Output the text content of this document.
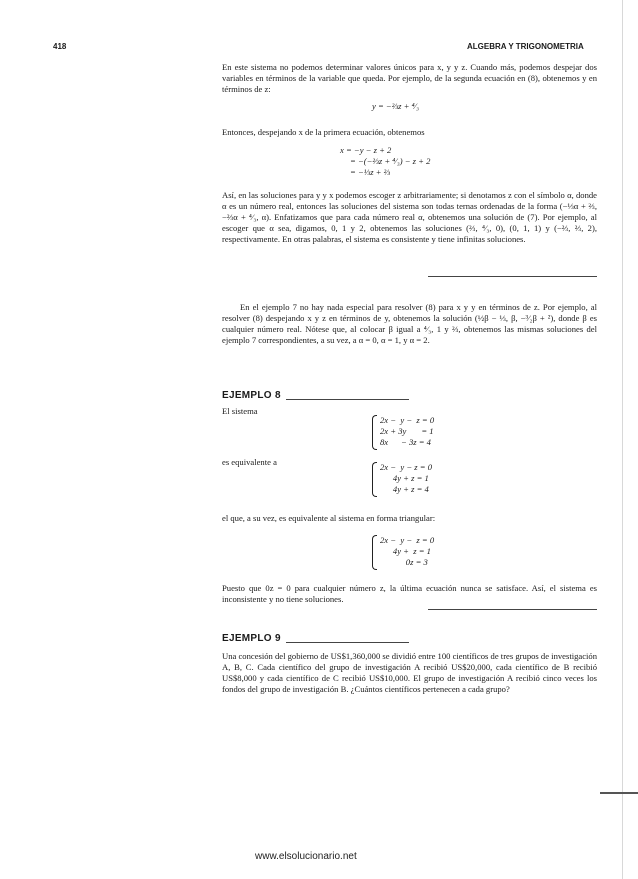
418	ALGEBRA Y TRIGONOMETRIA

En este sistema no podemos determinar valores únicos para x, y y z. Cuando más, podemos despejar dos variables en términos de la variable que queda. Por ejemplo, de la segunda ecuación en (8), obtenemos y en términos de z:

y = −⅔z + ⁴⁄₃

Entonces, despejando x de la primera ecuación, obtenemos

x = −y − z + 2
= −(−⅔z + ⁴⁄₃) − z + 2
= −⅓z + ⅔

Así, en las soluciones para y y x podemos escoger z arbitrariamente; si denotamos z con el símbolo α, donde α es un número real, entonces las soluciones del sistema son todas ternas ordenadas de la forma (−⅓α + ⅔, −⅔α + ⁴⁄₃, α). Enfatizamos que para cada número real α, obtenemos una solución de (7). Por ejemplo, al escoger que α sea, digamos, 0, 1 y 2, obtenemos las soluciones (⅔, ⁴⁄₃, 0), (0, 1, 1) y (−⅔, ⅔, 2), respectivamente. En otras palabras, el sistema es consistente y tiene infinitas soluciones.

En el ejemplo 7 no hay nada especial para resolver (8) para x y y en términos de z. Por ejemplo, al resolver (8) despejando x y z en términos de y, obtenemos la solución (½β − ⅓, β, −³⁄₂β + ²), donde β es cualquier número real. Nótese que, al colocar β igual a ⁴⁄₃, 1 y ⅔, obtenemos las mismas soluciones del ejemplo 7 correspondientes, a su vez, a α = 0, α = 1, y α = 2.

EJEMPLO 8

El sistema

2x −  y −  z = 0
2x + 3y       = 1
8x      − 3z = 4

es equivalente a	2x −  y − z = 0
4y + z = 1
4y + z = 4

el que, a su vez, es equivalente al sistema en forma triangular:

2x −  y −  z = 0
4y +  z = 1
0z = 3

Puesto que 0z = 0 para cualquier número z, la última ecuación nunca se satisface. Así, el sistema es inconsistente y no tiene soluciones.

EJEMPLO 9

Una concesión del gobierno de US$1,360,000 se dividió entre 100 científicos de tres grupos de investigación A, B, C. Cada científico del grupo de investigación A recibió US$20,000, cada científico de B recibió US$8,000 y cada científico de C recibió US$10,000. El grupo de investigación A recibió cinco veces los fondos del grupo de investigación B. ¿Cuántos científicos pertenecen a cada grupo?

www.elsolucionario.net
